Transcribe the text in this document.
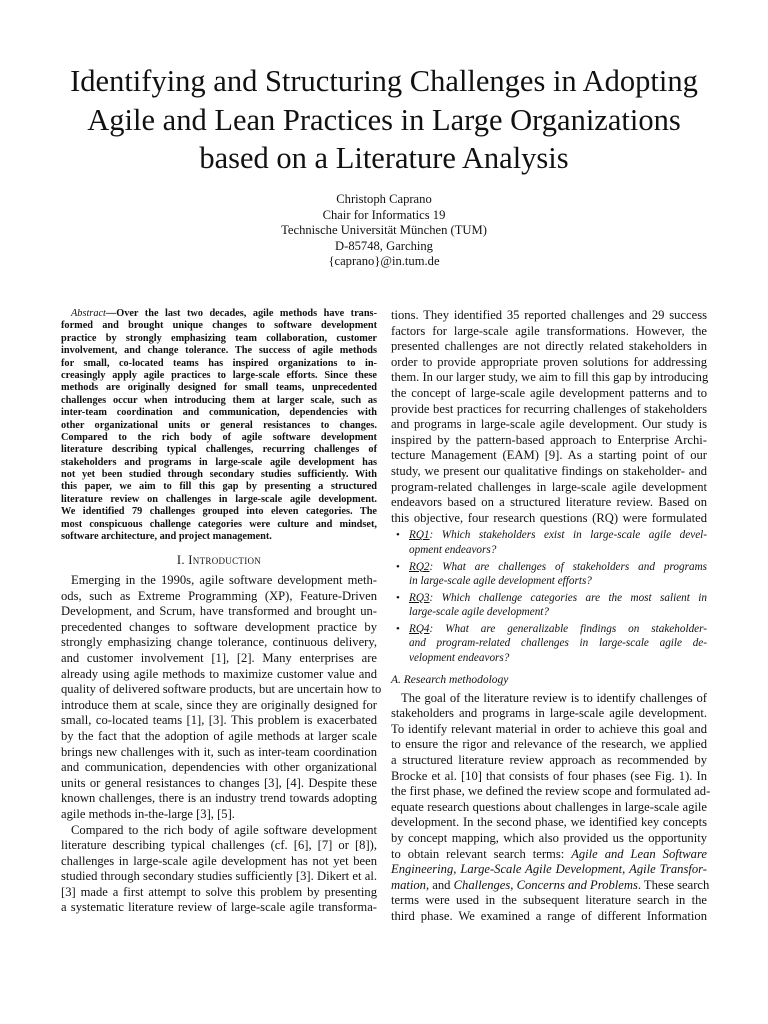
Identifying and Structuring Challenges in Adopting
Agile and Lean Practices in Large Organizations
based on a Literature Analysis
Christoph Caprano
Chair for Informatics 19
Technische Universität München (TUM)
D-85748, Garching
{caprano}@in.tum.de
Abstract—Over the last two decades, agile methods have trans-
formed and brought unique changes to software development
practice by strongly emphasizing team collaboration, customer
involvement, and change tolerance. The success of agile methods
for small, co-located teams has inspired organizations to in-
creasingly apply agile practices to large-scale efforts. Since these
methods are originally designed for small teams, unprecedented
challenges occur when introducing them at larger scale, such as
inter-team coordination and communication, dependencies with
other organizational units or general resistances to changes.
Compared to the rich body of agile software development
literature describing typical challenges, recurring challenges of
stakeholders and programs in large-scale agile development has
not yet been studied through secondary studies sufficiently. With
this paper, we aim to fill this gap by presenting a structured
literature review on challenges in large-scale agile development.
We identified 79 challenges grouped into eleven categories. The
most conspicuous challenge categories were culture and mindset,
software architecture, and project management.
I. Introduction
Emerging in the 1990s, agile software development meth-
ods, such as Extreme Programming (XP), Feature-Driven
Development, and Scrum, have transformed and brought un-
precedented changes to software development practice by
strongly emphasizing change tolerance, continuous delivery,
and customer involvement [1], [2]. Many enterprises are
already using agile methods to maximize customer value and
quality of delivered software products, but are uncertain how to
introduce them at scale, since they are originally designed for
small, co-located teams [1], [3]. This problem is exacerbated
by the fact that the adoption of agile methods at larger scale
brings new challenges with it, such as inter-team coordination
and communication, dependencies with other organizational
units or general resistances to changes [3], [4]. Despite these
known challenges, there is an industry trend towards adopting
agile methods in-the-large [3], [5].
Compared to the rich body of agile software development
literature describing typical challenges (cf. [6], [7] or [8]),
challenges in large-scale agile development has not yet been
studied through secondary studies sufficiently [3]. Dikert et al.
[3] made a first attempt to solve this problem by presenting
a systematic literature review of large-scale agile transforma-
tions. They identified 35 reported challenges and 29 success
factors for large-scale agile transformations. However, the
presented challenges are not directly related stakeholders in
order to provide appropriate proven solutions for addressing
them. In our larger study, we aim to fill this gap by introducing
the concept of large-scale agile development patterns and to
provide best practices for recurring challenges of stakeholders
and programs in large-scale agile development. Our study is
inspired by the pattern-based approach to Enterprise Archi-
tecture Management (EAM) [9]. As a starting point of our
study, we present our qualitative findings on stakeholder- and
program-related challenges in large-scale agile development
endeavors based on a structured literature review. Based on
this objective, four research questions (RQ) were formulated
• RQ1: Which stakeholders exist in large-scale agile devel-
opment endeavors?
• RQ2: What are challenges of stakeholders and programs
in large-scale agile development efforts?
• RQ3: Which challenge categories are the most salient in
large-scale agile development?
• RQ4: What are generalizable findings on stakeholder-
and program-related challenges in large-scale agile de-
velopment endeavors?
A. Research methodology
The goal of the literature review is to identify challenges of
stakeholders and programs in large-scale agile development.
To identify relevant material in order to achieve this goal and
to ensure the rigor and relevance of the research, we applied
a structured literature review approach as recommended by
Brocke et al. [10] that consists of four phases (see Fig. 1). In
the first phase, we defined the review scope and formulated ad-
equate research questions about challenges in large-scale agile
development. In the second phase, we identified key concepts
by concept mapping, which also provided us the opportunity
to obtain relevant search terms: Agile and Lean Software
Engineering, Large-Scale Agile Development, Agile Transfor-
mation, and Challenges, Concerns and Problems. These search
terms were used in the subsequent literature search in the
third phase. We examined a range of different Information
